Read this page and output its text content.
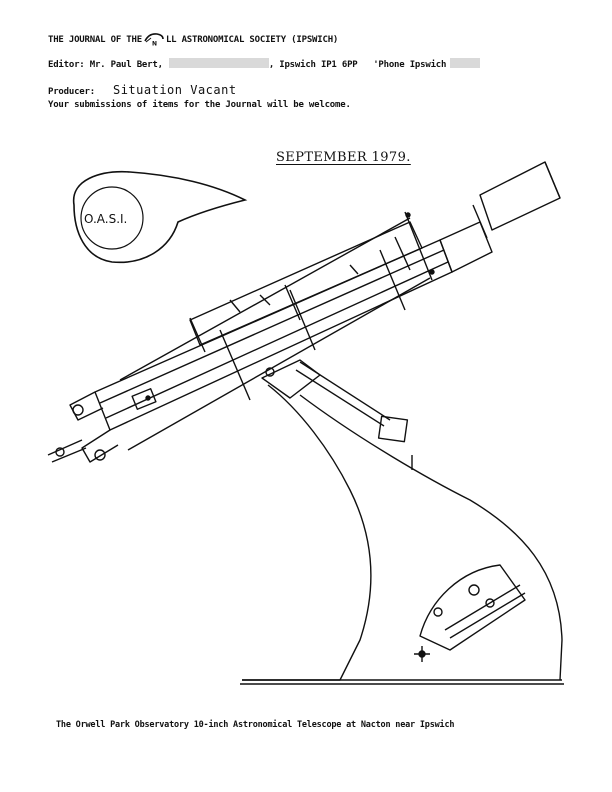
THE JOURNAL OF THE N LL ASTRONOMICAL SOCIETY (IPSWICH)
Editor: Mr. Paul Bert,	, Ipswich IP1 6PP 'Phone Ipswich
Producer: Situation Vacant
Your submissions of items for the Journal will be welcome.
SEPTEMBER 1979.
O.A.S.I.
The Orwell Park Observatory 10-inch Astronomical Telescope at Nacton near Ipswich
